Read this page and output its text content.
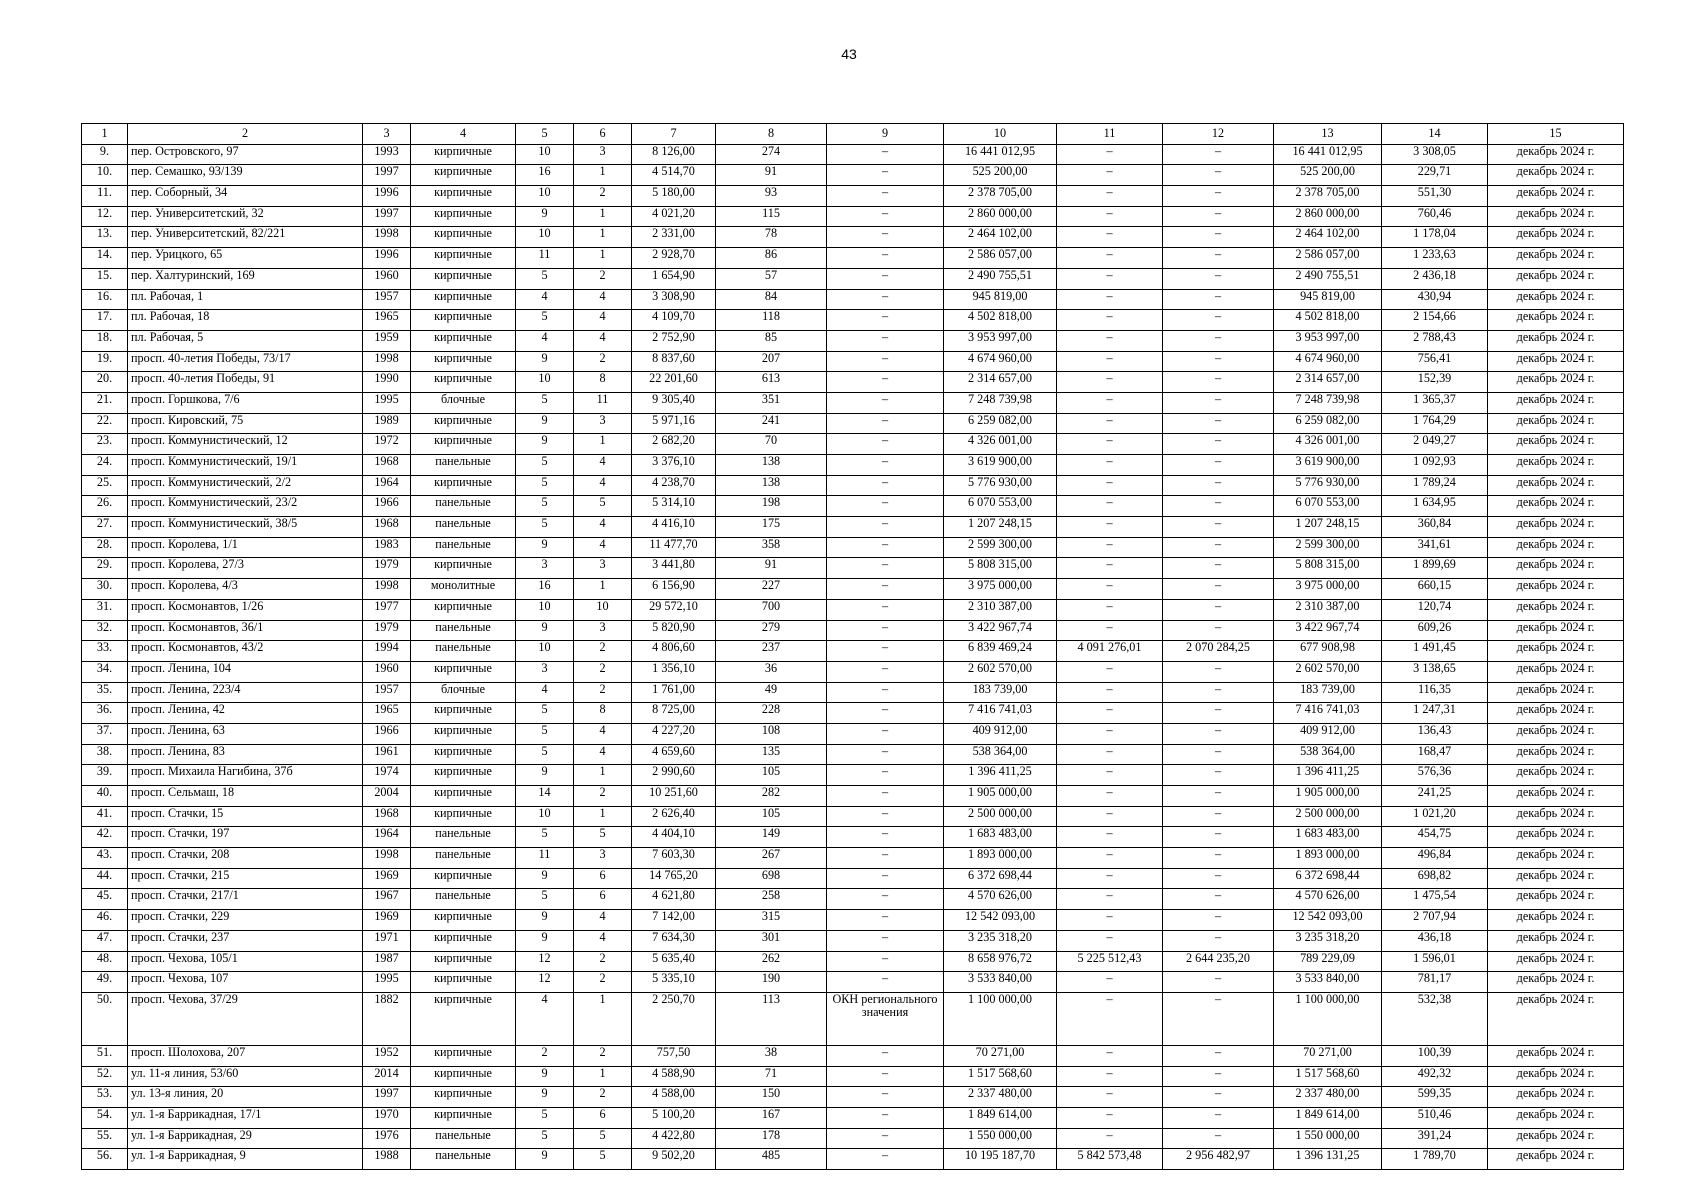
43
1	2	3	4	5	6	7	8	9	10	11	12	13	14	15
9.	пер. Островского, 97	1993	кирпичные	10	3	8 126,00	274	–	16 441 012,95	–	–	16 441 012,95	3 308,05	декабрь 2024 г.
10.	пер. Семашко, 93/139	1997	кирпичные	16	1	4 514,70	91	–	525 200,00	–	–	525 200,00	229,71	декабрь 2024 г.
11.	пер. Соборный, 34	1996	кирпичные	10	2	5 180,00	93	–	2 378 705,00	–	–	2 378 705,00	551,30	декабрь 2024 г.
12.	пер. Университетский, 32	1997	кирпичные	9	1	4 021,20	115	–	2 860 000,00	–	–	2 860 000,00	760,46	декабрь 2024 г.
13.	пер. Университетский, 82/221	1998	кирпичные	10	1	2 331,00	78	–	2 464 102,00	–	–	2 464 102,00	1 178,04	декабрь 2024 г.
14.	пер. Урицкого, 65	1996	кирпичные	11	1	2 928,70	86	–	2 586 057,00	–	–	2 586 057,00	1 233,63	декабрь 2024 г.
15.	пер. Халтуринский, 169	1960	кирпичные	5	2	1 654,90	57	–	2 490 755,51	–	–	2 490 755,51	2 436,18	декабрь 2024 г.
16.	пл. Рабочая, 1	1957	кирпичные	4	4	3 308,90	84	–	945 819,00	–	–	945 819,00	430,94	декабрь 2024 г.
17.	пл. Рабочая, 18	1965	кирпичные	5	4	4 109,70	118	–	4 502 818,00	–	–	4 502 818,00	2 154,66	декабрь 2024 г.
18.	пл. Рабочая, 5	1959	кирпичные	4	4	2 752,90	85	–	3 953 997,00	–	–	3 953 997,00	2 788,43	декабрь 2024 г.
19.	просп. 40-летия Победы, 73/17	1998	кирпичные	9	2	8 837,60	207	–	4 674 960,00	–	–	4 674 960,00	756,41	декабрь 2024 г.
20.	просп. 40-летия Победы, 91	1990	кирпичные	10	8	22 201,60	613	–	2 314 657,00	–	–	2 314 657,00	152,39	декабрь 2024 г.
21.	просп. Горшкова, 7/6	1995	блочные	5	11	9 305,40	351	–	7 248 739,98	–	–	7 248 739,98	1 365,37	декабрь 2024 г.
22.	просп. Кировский, 75	1989	кирпичные	9	3	5 971,16	241	–	6 259 082,00	–	–	6 259 082,00	1 764,29	декабрь 2024 г.
23.	просп. Коммунистический, 12	1972	кирпичные	9	1	2 682,20	70	–	4 326 001,00	–	–	4 326 001,00	2 049,27	декабрь 2024 г.
24.	просп. Коммунистический, 19/1	1968	панельные	5	4	3 376,10	138	–	3 619 900,00	–	–	3 619 900,00	1 092,93	декабрь 2024 г.
25.	просп. Коммунистический, 2/2	1964	кирпичные	5	4	4 238,70	138	–	5 776 930,00	–	–	5 776 930,00	1 789,24	декабрь 2024 г.
26.	просп. Коммунистический, 23/2	1966	панельные	5	5	5 314,10	198	–	6 070 553,00	–	–	6 070 553,00	1 634,95	декабрь 2024 г.
27.	просп. Коммунистический, 38/5	1968	панельные	5	4	4 416,10	175	–	1 207 248,15	–	–	1 207 248,15	360,84	декабрь 2024 г.
28.	просп. Королева, 1/1	1983	панельные	9	4	11 477,70	358	–	2 599 300,00	–	–	2 599 300,00	341,61	декабрь 2024 г.
29.	просп. Королева, 27/3	1979	кирпичные	3	3	3 441,80	91	–	5 808 315,00	–	–	5 808 315,00	1 899,69	декабрь 2024 г.
30.	просп. Королева, 4/3	1998	монолитные	16	1	6 156,90	227	–	3 975 000,00	–	–	3 975 000,00	660,15	декабрь 2024 г.
31.	просп. Космонавтов, 1/26	1977	кирпичные	10	10	29 572,10	700	–	2 310 387,00	–	–	2 310 387,00	120,74	декабрь 2024 г.
32.	просп. Космонавтов, 36/1	1979	панельные	9	3	5 820,90	279	–	3 422 967,74	–	–	3 422 967,74	609,26	декабрь 2024 г.
33.	просп. Космонавтов, 43/2	1994	панельные	10	2	4 806,60	237	–	6 839 469,24	4 091 276,01	2 070 284,25	677 908,98	1 491,45	декабрь 2024 г.
34.	просп. Ленина, 104	1960	кирпичные	3	2	1 356,10	36	–	2 602 570,00	–	–	2 602 570,00	3 138,65	декабрь 2024 г.
35.	просп. Ленина, 223/4	1957	блочные	4	2	1 761,00	49	–	183 739,00	–	–	183 739,00	116,35	декабрь 2024 г.
36.	просп. Ленина, 42	1965	кирпичные	5	8	8 725,00	228	–	7 416 741,03	–	–	7 416 741,03	1 247,31	декабрь 2024 г.
37.	просп. Ленина, 63	1966	кирпичные	5	4	4 227,20	108	–	409 912,00	–	–	409 912,00	136,43	декабрь 2024 г.
38.	просп. Ленина, 83	1961	кирпичные	5	4	4 659,60	135	–	538 364,00	–	–	538 364,00	168,47	декабрь 2024 г.
39.	просп. Михаила Нагибина, 37б	1974	кирпичные	9	1	2 990,60	105	–	1 396 411,25	–	–	1 396 411,25	576,36	декабрь 2024 г.
40.	просп. Сельмаш, 18	2004	кирпичные	14	2	10 251,60	282	–	1 905 000,00	–	–	1 905 000,00	241,25	декабрь 2024 г.
41.	просп. Стачки, 15	1968	кирпичные	10	1	2 626,40	105	–	2 500 000,00	–	–	2 500 000,00	1 021,20	декабрь 2024 г.
42.	просп. Стачки, 197	1964	панельные	5	5	4 404,10	149	–	1 683 483,00	–	–	1 683 483,00	454,75	декабрь 2024 г.
43.	просп. Стачки, 208	1998	панельные	11	3	7 603,30	267	–	1 893 000,00	–	–	1 893 000,00	496,84	декабрь 2024 г.
44.	просп. Стачки, 215	1969	кирпичные	9	6	14 765,20	698	–	6 372 698,44	–	–	6 372 698,44	698,82	декабрь 2024 г.
45.	просп. Стачки, 217/1	1967	панельные	5	6	4 621,80	258	–	4 570 626,00	–	–	4 570 626,00	1 475,54	декабрь 2024 г.
46.	просп. Стачки, 229	1969	кирпичные	9	4	7 142,00	315	–	12 542 093,00	–	–	12 542 093,00	2 707,94	декабрь 2024 г.
47.	просп. Стачки, 237	1971	кирпичные	9	4	7 634,30	301	–	3 235 318,20	–	–	3 235 318,20	436,18	декабрь 2024 г.
48.	просп. Чехова, 105/1	1987	кирпичные	12	2	5 635,40	262	–	8 658 976,72	5 225 512,43	2 644 235,20	789 229,09	1 596,01	декабрь 2024 г.
49.	просп. Чехова, 107	1995	кирпичные	12	2	5 335,10	190	–	3 533 840,00	–	–	3 533 840,00	781,17	декабрь 2024 г.
50.	просп. Чехова, 37/29	1882	кирпичные	4	1	2 250,70	113	ОКН регионального значения	1 100 000,00	–	–	1 100 000,00	532,38	декабрь 2024 г.
51.	просп. Шолохова, 207	1952	кирпичные	2	2	757,50	38	–	70 271,00	–	–	70 271,00	100,39	декабрь 2024 г.
52.	ул. 11-я линия, 53/60	2014	кирпичные	9	1	4 588,90	71	–	1 517 568,60	–	–	1 517 568,60	492,32	декабрь 2024 г.
53.	ул. 13-я линия, 20	1997	кирпичные	9	2	4 588,00	150	–	2 337 480,00	–	–	2 337 480,00	599,35	декабрь 2024 г.
54.	ул. 1-я Баррикадная, 17/1	1970	кирпичные	5	6	5 100,20	167	–	1 849 614,00	–	–	1 849 614,00	510,46	декабрь 2024 г.
55.	ул. 1-я Баррикадная, 29	1976	панельные	5	5	4 422,80	178	–	1 550 000,00	–	–	1 550 000,00	391,24	декабрь 2024 г.
56.	ул. 1-я Баррикадная, 9	1988	панельные	9	5	9 502,20	485	–	10 195 187,70	5 842 573,48	2 956 482,97	1 396 131,25	1 789,70	декабрь 2024 г.
